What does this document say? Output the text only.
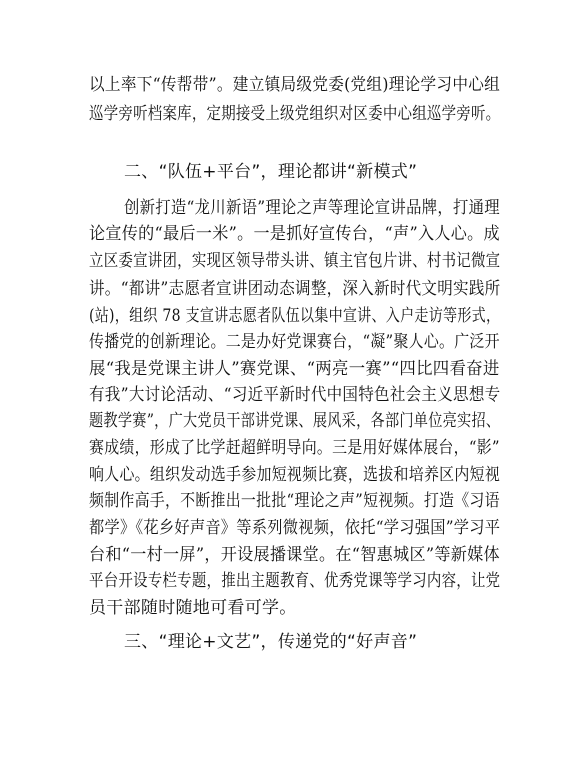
以上率下“传帮带”。建立镇局级党委(党组)理论学习中心组

巡学旁听档案库，定期接受上级党组织对区委中心组巡学旁听。

二、“队伍+平台”，理论都讲“新模式”

创新打造“龙川新语”理论之声等理论宣讲品牌，打通理

论宣传的“最后一米”。一是抓好宣传台，“声”入人心。成

立区委宣讲团，实现区领导带头讲、镇主官包片讲、村书记微宣

讲。“都讲”志愿者宣讲团动态调整，深入新时代文明实践所

(站)，组织 78 支宣讲志愿者队伍以集中宣讲、入户走访等形式，

传播党的创新理论。二是办好党课赛台，“凝”聚人心。广泛开

展“我是党课主讲人”赛党课、“两亮一赛”“四比四看奋进

有我”大讨论活动、“习近平新时代中国特色社会主义思想专

题教学赛”，广大党员干部讲党课、展风采，各部门单位亮实招、

赛成绩，形成了比学赶超鲜明导向。三是用好媒体展台，“影”

响人心。组织发动选手参加短视频比赛，选拔和培养区内短视

频制作高手，不断推出一批批“理论之声”短视频。打造《习语

都学》《花乡好声音》等系列微视频，依托“学习强国”学习平

台和“一村一屏”，开设展播课堂。在“智惠城区”等新媒体

平台开设专栏专题，推出主题教育、优秀党课等学习内容，让党

员干部随时随地可看可学。

三、“理论+文艺”，传递党的“好声音”
